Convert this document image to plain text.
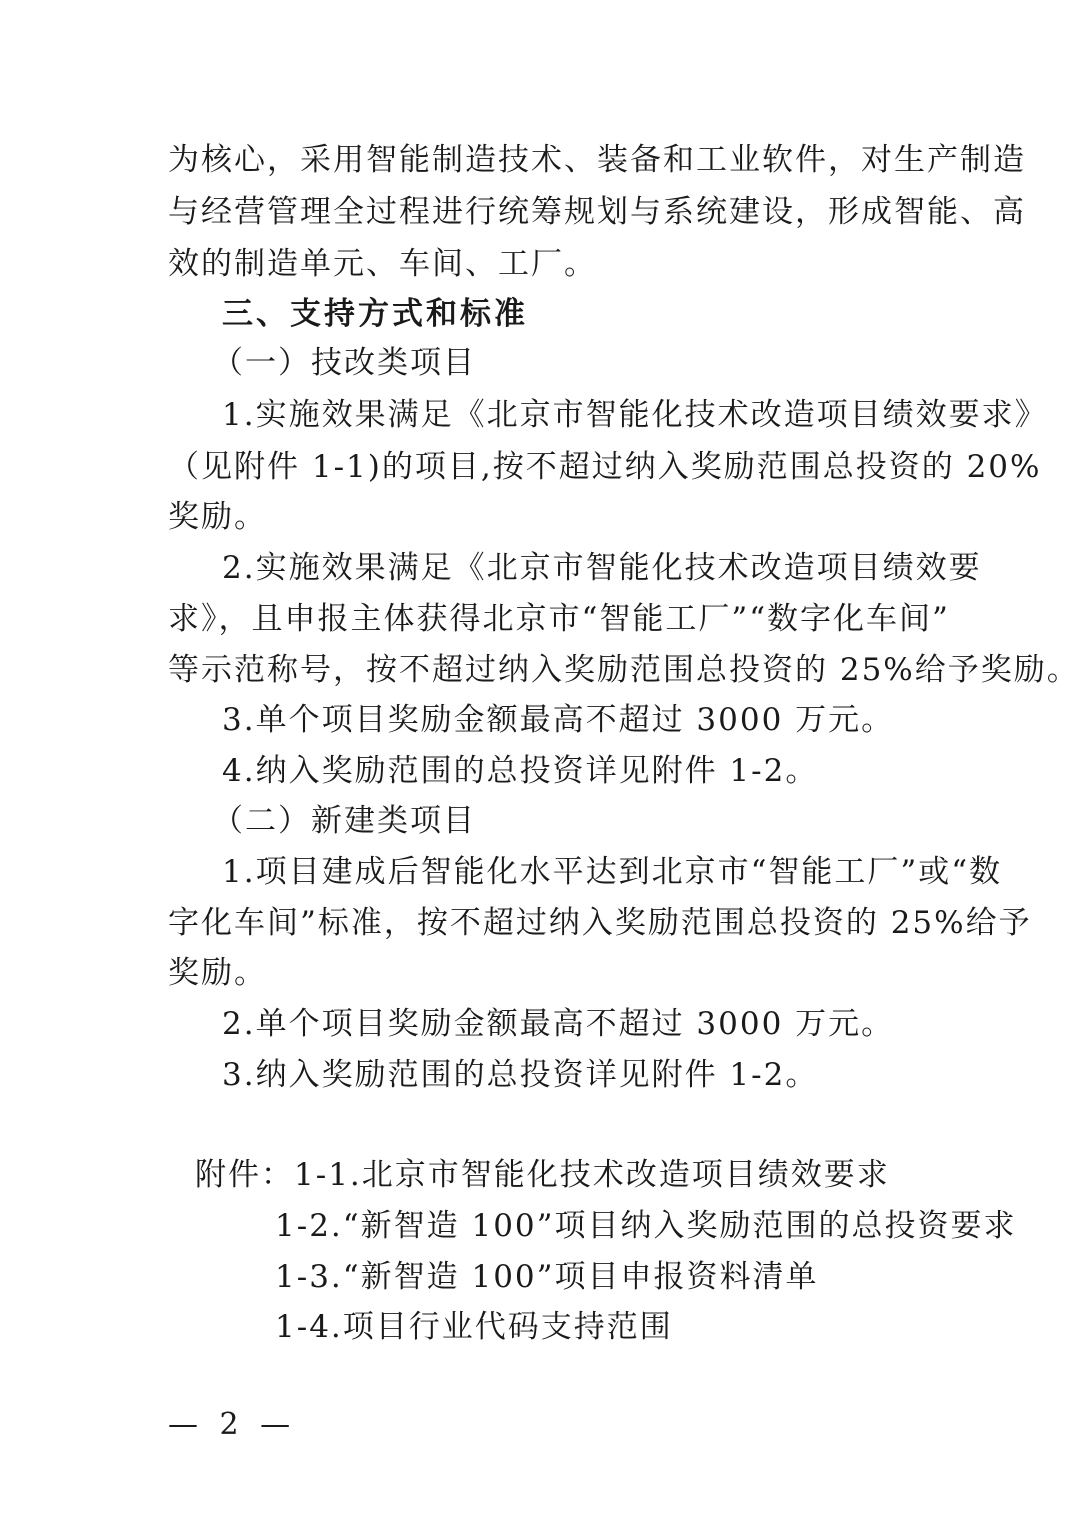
为核心，采用智能制造技术、装备和工业软件，对生产制造
与经营管理全过程进行统筹规划与系统建设，形成智能、高
效的制造单元、车间、工厂。
三、支持方式和标准
（一）技改类项目
1.实施效果满足《北京市智能化技术改造项目绩效要求》
（见附件 1-1)的项目,按不超过纳入奖励范围总投资的 20%
奖励。
2.实施效果满足《北京市智能化技术改造项目绩效要
求》，且申报主体获得北京市“智能工厂”“数字化车间”
等示范称号，按不超过纳入奖励范围总投资的 25%给予奖励。
3.单个项目奖励金额最高不超过 3000 万元。
4.纳入奖励范围的总投资详见附件 1-2。
（二）新建类项目
1.项目建成后智能化水平达到北京市“智能工厂”或“数
字化车间”标准，按不超过纳入奖励范围总投资的 25%给予
奖励。
2.单个项目奖励金额最高不超过 3000 万元。
3.纳入奖励范围的总投资详见附件 1-2。
附件：1-1.北京市智能化技术改造项目绩效要求
1-2.“新智造 100”项目纳入奖励范围的总投资要求
1-3.“新智造 100”项目申报资料清单
1-4.项目行业代码支持范围
— 2 —
